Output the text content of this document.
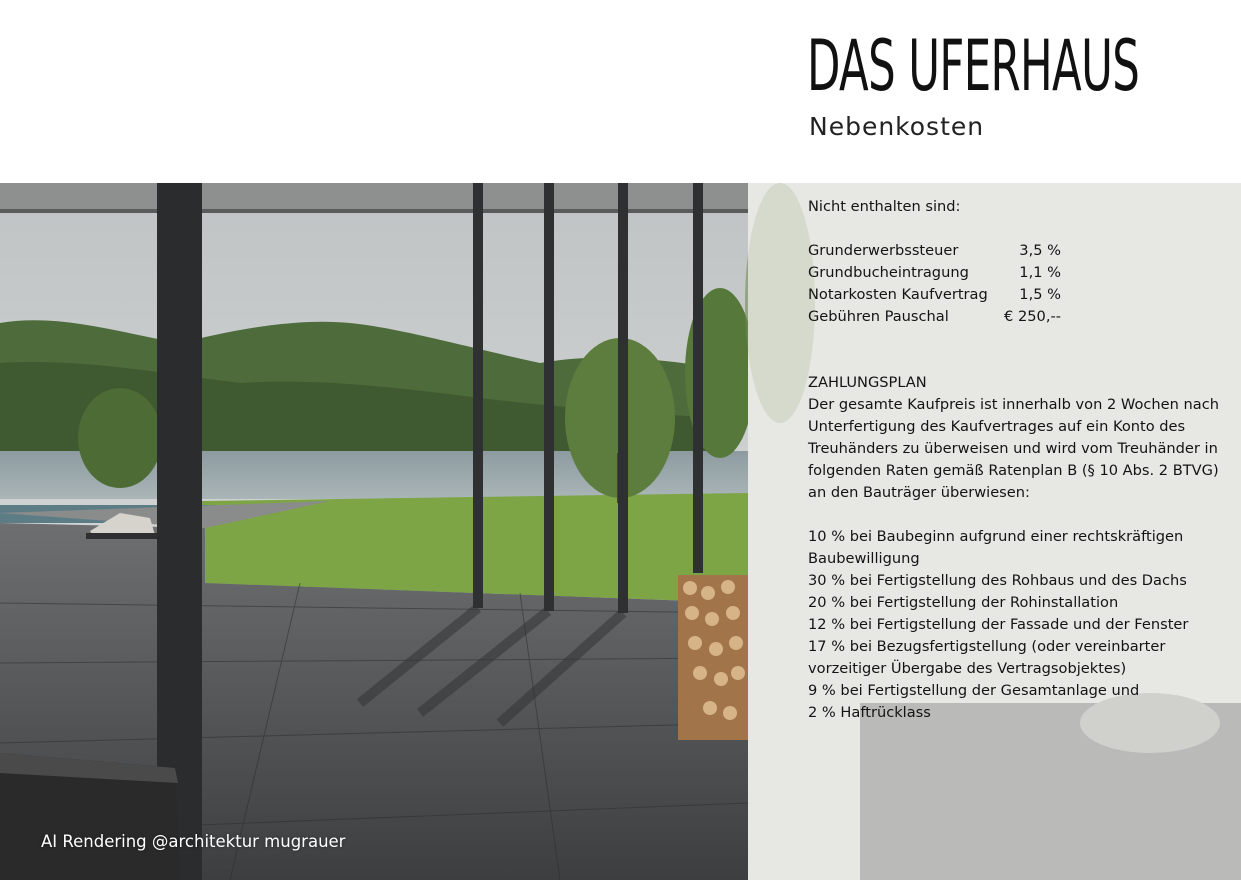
DAS UFERHAUS
Nebenkosten

Nicht enthalten sind:

Grunderwerbssteuer	3,5 %
Grundbucheintragung	1,1 %
Notarkosten Kaufvertrag	1,5 %
Gebühren Pauschal	€ 250,--

ZAHLUNGSPLAN

Der gesamte Kaufpreis ist innerhalb von 2 Wochen nach Unterfertigung des Kaufvertrages auf ein Konto des Treuhänders zu überweisen und wird vom Treuhänder in folgenden Raten gemäß Ratenplan B (§ 10 Abs. 2 BTVG) an den Bauträger überwiesen:

10 % bei Baubeginn aufgrund einer rechtskräftigen Baubewilligung

30 % bei Fertigstellung des Rohbaus und des Dachs

20 % bei Fertigstellung der Rohinstallation

12 % bei Fertigstellung der Fassade und der Fenster

17 % bei Bezugsfertigstellung (oder vereinbarter vorzeitiger Übergabe des Vertragsobjektes)

9 % bei Fertigstellung der Gesamtanlage und

2 % Haftrücklass

AI Rendering @architektur mugrauer
